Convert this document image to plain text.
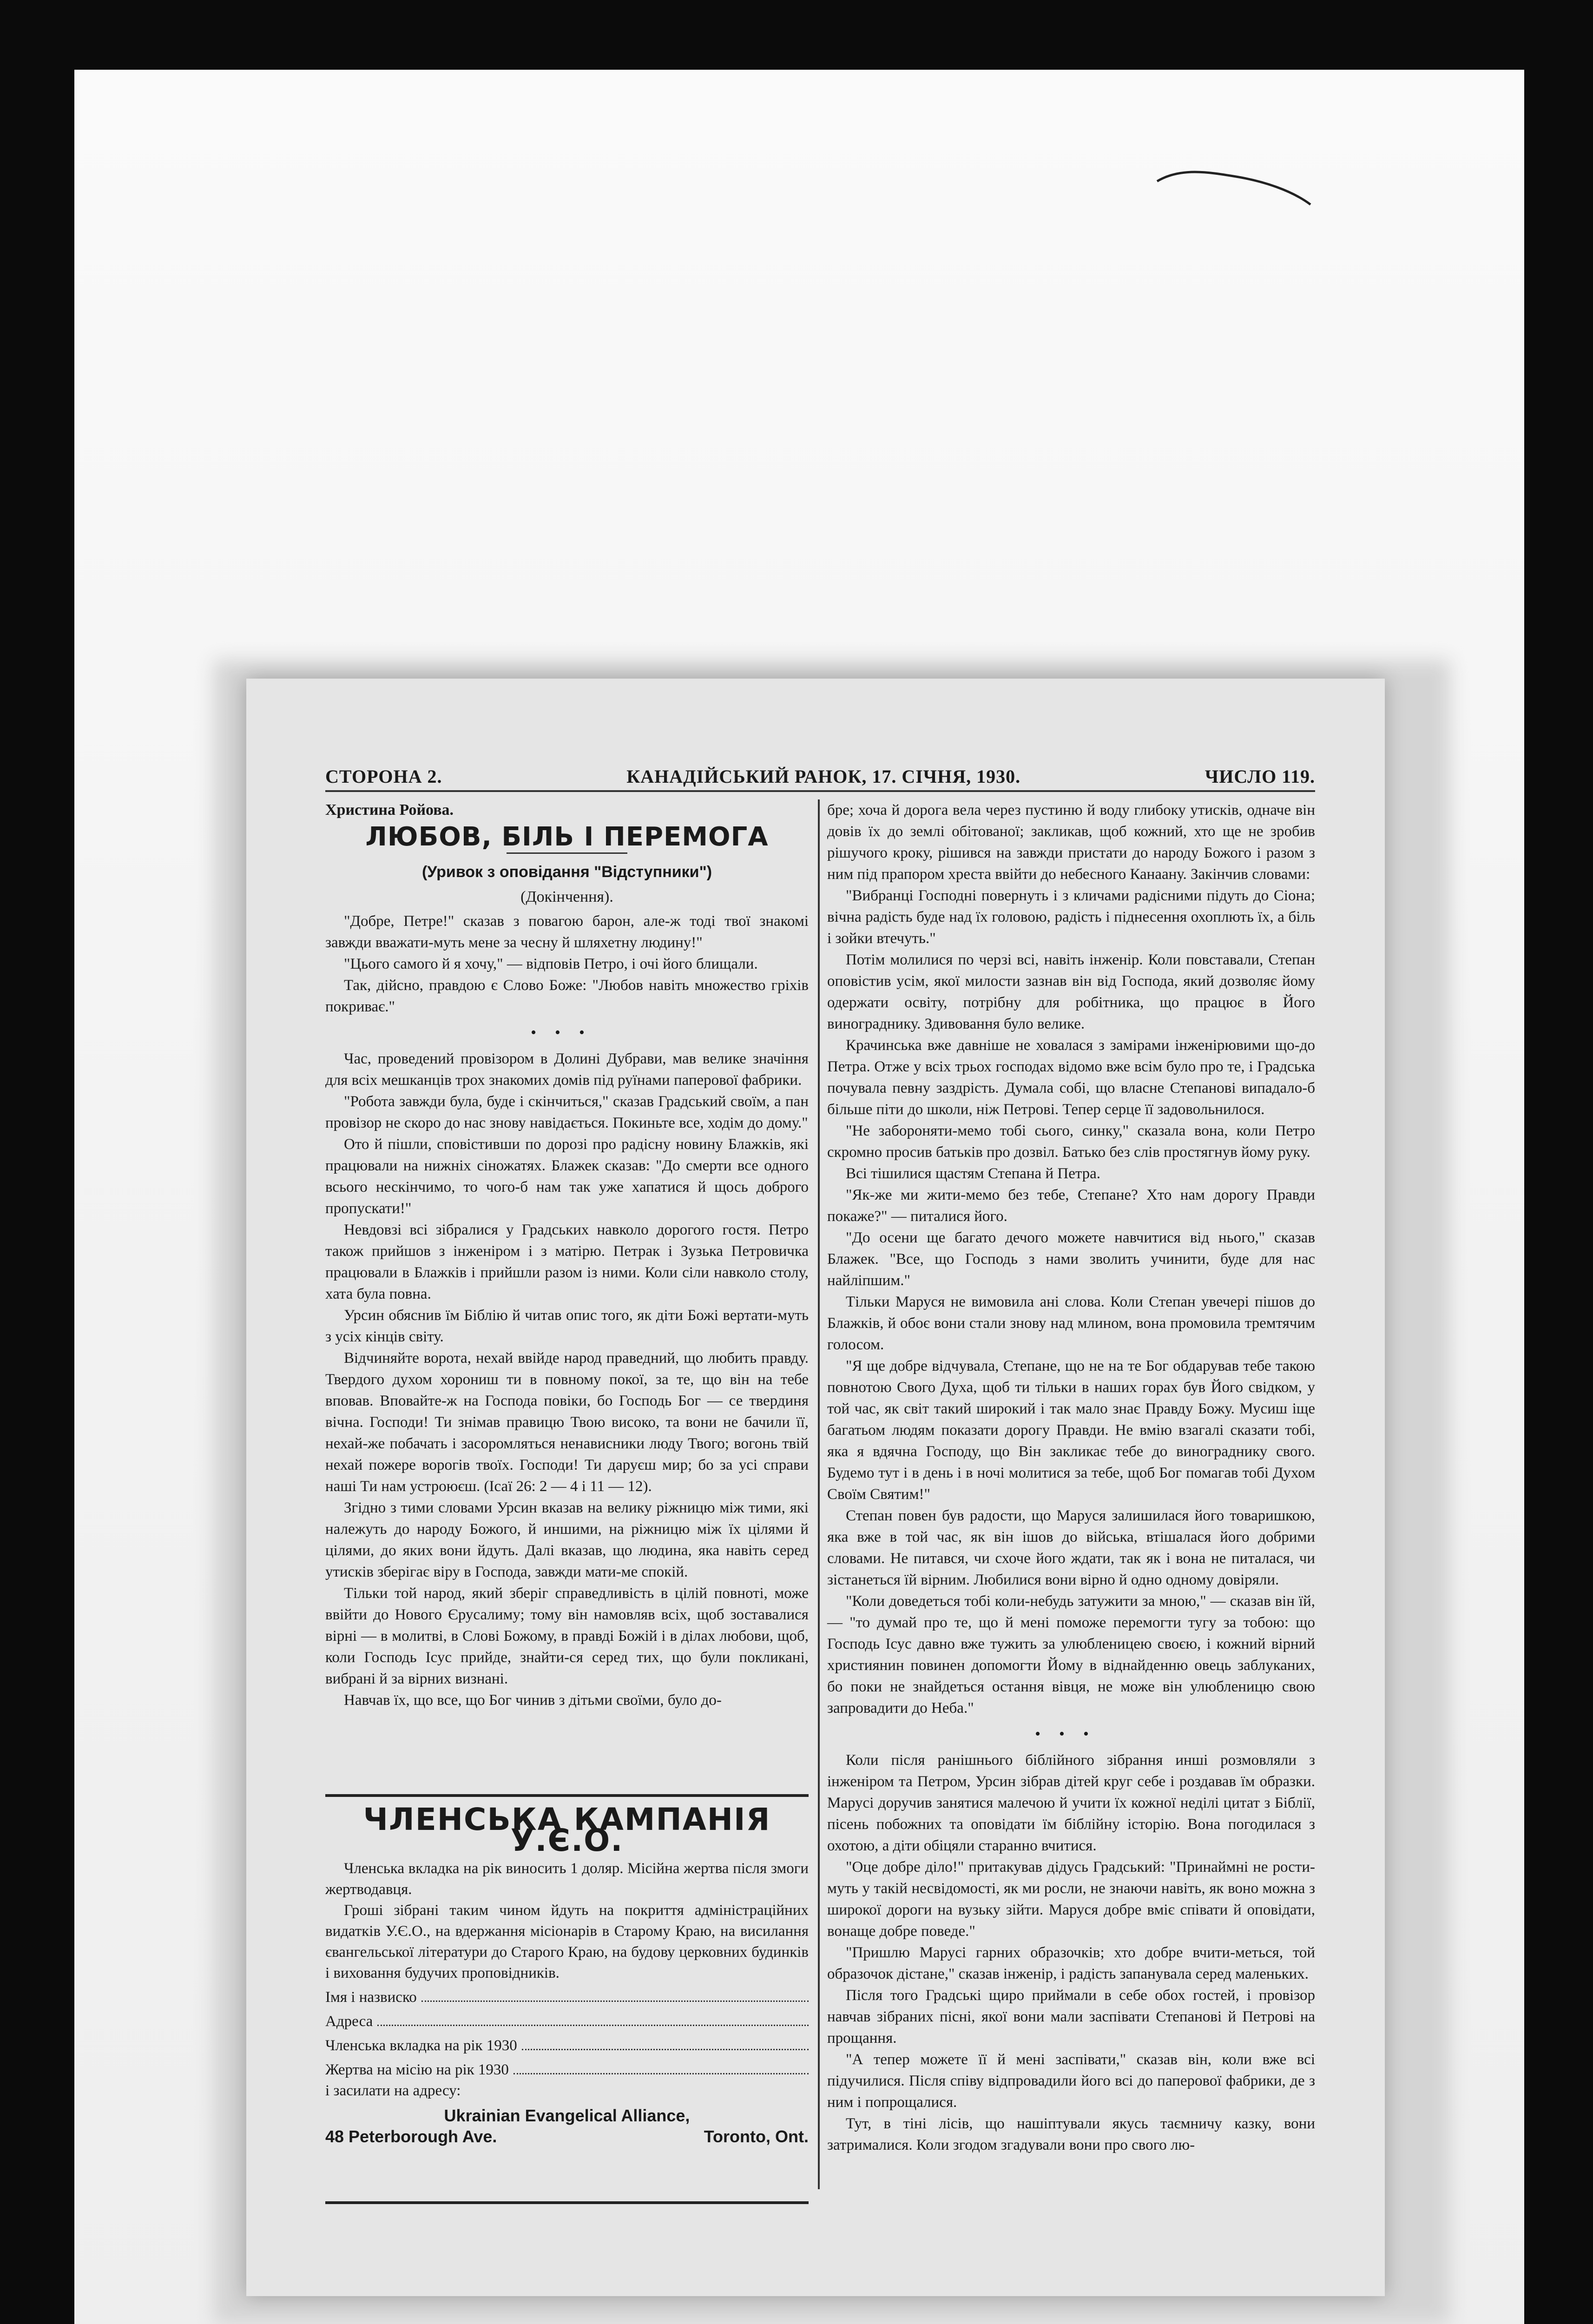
СТОРОНА 2.	КАНАДІЙСЬКИЙ РАНОК, 17. СІЧНЯ, 1930.	ЧИСЛО 119.
Христина Ройова.
ЛЮБОВ, БІЛЬ І ПЕРЕМОГА
(Уривок з оповідання "Відступники")
(Докінчення).

"Добре, Петре!" сказав з повагою барон, але-ж тоді твої знакомі завжди вважати-муть мене за чесну й шляхетну людину!"

"Цього самого й я хочу," — відповів Петро, і очі його блищали.

Так, дійсно, правдою є Слово Боже: "Любов навіть множество гріхів покриває."

•••

Час, проведений провізором в Долині Дубрави, мав велике значіння для всіх мешканців трох знакомих домів під руїнами паперової фабрики.

"Робота завжди була, буде і скінчиться," сказав Градський своїм, а пан провізор не скоро до нас знову навідається. Покиньте все, ходім до дому."

Ото й пішли, сповістивши по дорозі про радісну новину Блажків, які працювали на нижніх сіножатях. Блажек сказав: "До смерти все одного всього нескінчимо, то чого-б нам так уже хапатися й щось доброго пропускати!"

Невдовзі всі зібралися у Градських навколо дорогого гостя. Петро також прийшов з інженіром і з матірю. Петрак і Зузька Петровичка працювали в Блажків і прийшли разом із ними. Коли сіли навколо столу, хата була повна.

Урсин обяснив їм Біблію й читав опис того, як діти Божі вертати-муть з усіх кінців світу.

Відчиняйте ворота, нехай ввійде народ праведний, що любить правду. Твердого духом хорониш ти в повному покої, за те, що він на тебе вповав. Вповайте-ж на Господа повіки, бо Господь Бог — се твердиня вічна. Господи! Ти знімав правицю Твою високо, та вони не бачили її, нехай-же побачать і засоромляться ненависники люду Твого; вогонь твій нехай пожере ворогів твоїх. Господи! Ти даруєш мир; бо за усі справи наші Ти нам устроюєш. (Ісаї 26: 2 — 4 і 11 — 12).

Згідно з тими словами Урсин вказав на велику ріжницю між тими, які належуть до народу Божого, й иншими, на ріжницю між їх цілями й цілями, до яких вони йдуть. Далі вказав, що людина, яка навіть серед утисків зберігає віру в Господа, завжди мати-ме спокій.

Тільки той народ, який зберіг справедливість в цілій повноті, може ввійти до Нового Єрусалиму; тому він намовляв всіх, щоб зоставалися вірні — в молитві, в Слові Божому, в правді Божій і в ділах любови, щоб, коли Господь Ісус прийде, знайти-ся серед тих, що були покликані, вибрані й за вірних визнані.

Навчав їх, що все, що Бог чинив з дітьми своїми, було до-

ЧЛЕНСЬКА КАМПАНІЯ У.Є.О.

Членська вкладка на рік виносить 1 доляр. Місійна жертва після змоги жертводавця.

Гроші зібрані таким чином йдуть на покриття адміністраційних видатків У.Є.О., на вдержання місіонарів в Старому Краю, на висилання євангельської літератури до Старого Краю, на будову церковних будинків і виховання будучих проповідників.

Імя і назвиско
Адреса
Членська вкладка на рік 1930
Жертва на місію на рік 1930
і засилати на адресу:
Ukrainian Evangelical Alliance,
48 Peterborough Ave.	Toronto, Ont.

бре; хоча й дорога вела через пустиню й воду глибоку утисків, одначе він довів їх до землі обітованої; закликав, щоб кожний, хто ще не зробив рішучого кроку, рішився на завжди пристати до народу Божого і разом з ним під прапором хреста ввійти до небесного Канаану. Закінчив словами:

"Вибранці Господні повернуть і з кличами радісними підуть до Сіона; вічна радість буде над їх головою, радість і піднесення охоплють їх, а біль і зойки втечуть."

Потім молилися по черзі всі, навіть інженір. Коли повставали, Степан оповістив усім, якої милости зазнав він від Господа, який дозволяє йому одержати освіту, потрібну для робітника, що працює в Його винограднику. Здивовання було велике.

Крачинська вже давніше не ховалася з замірами інженірювими що-до Петра. Отже у всіх трьох господах відомо вже всім було про те, і Градська почувала певну заздрість. Думала собі, що власне Степанові випадало-б більше піти до школи, ніж Петрові. Тепер серце її задовольнилося.

"Не забороняти-мемо тобі сього, синку," сказала вона, коли Петро скромно просив батьків про дозвіл. Батько без слів простягнув йому руку.

Всі тішилися щастям Степана й Петра.

"Як-же ми жити-мемо без тебе, Степане? Хто нам дорогу Правди покаже?" — питалися його.

"До осени ще багато дечого можете навчитися від нього," сказав Блажек. "Все, що Господь з нами зволить учинити, буде для нас найліпшим."

Тільки Маруся не вимовила ані слова. Коли Степан увечері пішов до Блажків, й обоє вони стали знову над млином, вона промовила тремтячим голосом.

"Я ще добре відчувала, Степане, що не на те Бог обдарував тебе такою повнотою Свого Духа, щоб ти тільки в наших горах був Його свідком, у той час, як світ такий широкий і так мало знає Правду Божу. Мусиш іще багатьом людям показати дорогу Правди. Не вмію взагалі сказати тобі, яка я вдячна Господу, що Він закликає тебе до винограднику свого. Будемо тут і в день і в ночі молитися за тебе, щоб Бог помагав тобі Духом Своїм Святим!"

Степан повен був радости, що Маруся залишилася його товаришкою, яка вже в той час, як він ішов до війська, втішалася його добрими словами. Не питався, чи схоче його ждати, так як і вона не питалася, чи зістанеться їй вірним. Любилися вони вірно й одно одному довіряли.

"Коли доведеться тобі коли-небудь затужити за мною," — сказав він їй, — "то думай про те, що й мені поможе перемогти тугу за тобою: що Господь Ісус давно вже тужить за улюбленицею своєю, і кожний вірний християнин повинен допомогти Йому в віднайденню овець заблуканих, бо поки не знайдеться остання вівця, не може він улюбленицю свою запровадити до Неба."

•••

Коли після ранішнього біблійного зібрання инші розмовляли з інженіром та Петром, Урсин зібрав дітей круг себе і роздавав їм образки. Марусі доручив занятися малечою й учити їх кожної неділі цитат з Біблії, пісень побожних та оповідати їм біблійну історію. Вона погодилася з охотою, а діти обіцяли старанно вчитися.

"Оце добре діло!" притакував дідусь Градський: "Принаймні не рости-муть у такій несвідомості, як ми росли, не знаючи навіть, як воно можна з широкої дороги на вузьку зійти. Маруся добре вміє співати й оповідати, вонаще добре поведе."

"Пришлю Марусі гарних образочків; хто добре вчити-меться, той образочок дістане," сказав інженір, і радість запанувала серед маленьких.

Після того Градські щиро приймали в себе обох гостей, і провізор навчав зібраних пісні, якої вони мали заспівати Степанові й Петрові на прощання.

"А тепер можете її й мені заспівати," сказав він, коли вже всі підучилися. Після співу відпровадили його всі до паперової фабрики, де з ним і попрощалися.

Тут, в тіні лісів, що нашіптували якусь таємничу казку, вони затрималися. Коли згодом згадували вони про свого лю-
